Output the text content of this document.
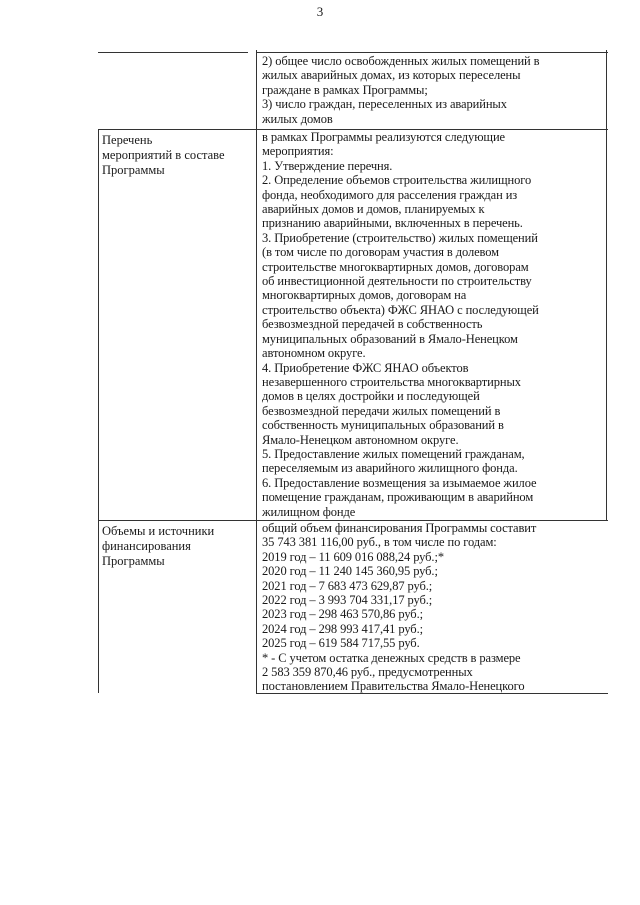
3
2) общее число освобожденных жилых помещений в
жилых аварийных домах, из которых переселены
граждане в рамках Программы;
3) число граждан, переселенных из аварийных
жилых домов
Перечень
мероприятий в составе
Программы
в рамках Программы реализуются следующие
мероприятия:
1. Утверждение перечня.
2. Определение объемов строительства жилищного
фонда, необходимого для расселения граждан из
аварийных домов и домов, планируемых к
признанию аварийными, включенных в перечень.
3. Приобретение (строительство) жилых помещений
(в том числе по договорам участия в долевом
строительстве многоквартирных домов, договорам
об инвестиционной деятельности по строительству
многоквартирных домов, договорам на
строительство объекта) ФЖС ЯНАО с последующей
безвозмездной передачей в собственность
муниципальных образований в Ямало-Ненецком
автономном округе.
4. Приобретение ФЖС ЯНАО объектов
незавершенного строительства многоквартирных
домов в целях достройки и последующей
безвозмездной передачи жилых помещений в
собственность муниципальных образований в
Ямало-Ненецком автономном округе.
5. Предоставление жилых помещений гражданам,
переселяемым из аварийного жилищного фонда.
6. Предоставление возмещения за изымаемое жилое
помещение гражданам, проживающим в аварийном
жилищном фонде
Объемы и источники
финансирования
Программы
общий объем финансирования Программы составит
35 743 381 116,00 руб., в том числе по годам:
2019 год – 11 609 016 088,24 руб.;*
2020 год – 11 240 145 360,95 руб.;
2021 год – 7 683 473 629,87 руб.;
2022 год – 3 993 704 331,17 руб.;
2023 год – 298 463 570,86 руб.;
2024 год – 298 993 417,41 руб.;
2025 год – 619 584 717,55 руб.
* - С учетом остатка денежных средств в размере
2 583 359 870,46 руб., предусмотренных
постановлением Правительства Ямало-Ненецкого
